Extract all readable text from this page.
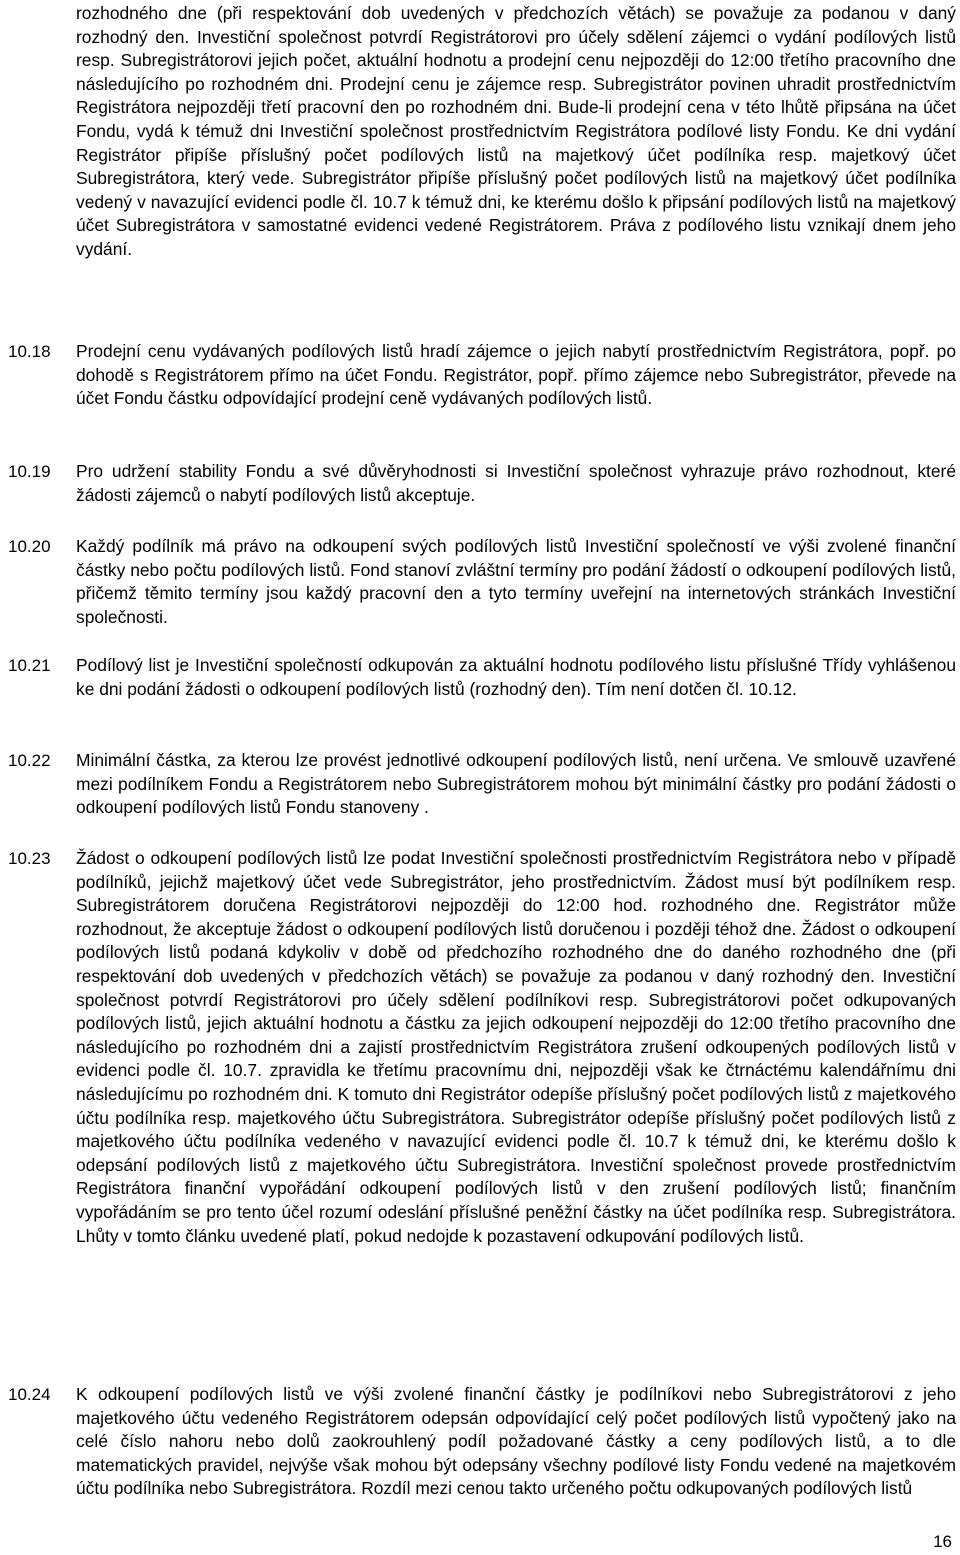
rozhodného dne (při respektování dob uvedených v předchozích větách) se považuje za podanou v daný rozhodný den. Investiční společnost potvrdí Registrátorovi pro účely sdělení zájemci o vydání podílových listů resp. Subregistrátorovi jejich počet, aktuální hodnotu a prodejní cenu nejpozději do 12:00 třetího pracovního dne následujícího po rozhodném dni. Prodejní cenu je zájemce resp. Subregistrátor povinen uhradit prostřednictvím Registrátora nejpozději třetí pracovní den po rozhodném dni. Bude-li prodejní cena v této lhůtě připsána na účet Fondu, vydá k témuž dni Investiční společnost prostřednictvím Registrátora podílové listy Fondu. Ke dni vydání Registrátor připíše příslušný počet podílových listů na majetkový účet podílníka resp. majetkový účet Subregistrátora, který vede. Subregistrátor připíše příslušný počet podílových listů na majetkový účet podílníka vedený v navazující evidenci podle čl. 10.7 k témuž dni, ke kterému došlo k připsání podílových listů na majetkový účet Subregistrátora v samostatné evidenci vedené Registrátorem. Práva z podílového listu vznikají dnem jeho vydání.
10.18 Prodejní cenu vydávaných podílových listů hradí zájemce o jejich nabytí prostřednictvím Registrátora, popř. po dohodě s Registrátorem přímo na účet Fondu. Registrátor, popř. přímo zájemce nebo Subregistrátor, převede na účet Fondu částku odpovídající prodejní ceně vydávaných podílových listů.
10.19 Pro udržení stability Fondu a své důvěryhodnosti si Investiční společnost vyhrazuje právo rozhodnout, které žádosti zájemců o nabytí podílových listů akceptuje.
10.20 Každý podílník má právo na odkoupení svých podílových listů Investiční společností ve výši zvolené finanční částky nebo počtu podílových listů. Fond stanoví zvláštní termíny pro podání žádostí o odkoupení podílových listů, přičemž těmito termíny jsou každý pracovní den a tyto termíny uveřejní na internetových stránkách Investiční společnosti.
10.21 Podílový list je Investiční společností odkupován za aktuální hodnotu podílového listu příslušné Třídy vyhlášenou ke dni podání žádosti o odkoupení podílových listů (rozhodný den). Tím není dotčen čl. 10.12.
10.22 Minimální částka, za kterou lze provést jednotlivé odkoupení podílových listů, není určena. Ve smlouvě uzavřené mezi podílníkem Fondu a Registrátorem nebo Subregistrátorem mohou být minimální částky pro podání žádosti o odkoupení podílových listů Fondu stanoveny .
10.23 Žádost o odkoupení podílových listů lze podat Investiční společnosti prostřednictvím Registrátora nebo v případě podílníků, jejichž majetkový účet vede Subregistrátor, jeho prostřednictvím. Žádost musí být podílníkem resp. Subregistrátorem doručena Registrátorovi nejpozději do 12:00 hod. rozhodného dne. Registrátor může rozhodnout, že akceptuje žádost o odkoupení podílových listů doručenou i později téhož dne. Žádost o odkoupení podílových listů podaná kdykoliv v době od předchozího rozhodného dne do daného rozhodného dne (při respektování dob uvedených v předchozích větách) se považuje za podanou v daný rozhodný den. Investiční společnost potvrdí Registrátorovi pro účely sdělení podílníkovi resp. Subregistrátorovi počet odkupovaných podílových listů, jejich aktuální hodnotu a částku za jejich odkoupení nejpozději do 12:00 třetího pracovního dne následujícího po rozhodném dni a zajistí prostřednictvím Registrátora zrušení odkoupených podílových listů v evidenci podle čl. 10.7. zpravidla ke třetímu pracovnímu dni, nejpozději však ke čtrnáctému kalendářnímu dni následujícímu po rozhodném dni. K tomuto dni Registrátor odepíše příslušný počet podílových listů z majetkového účtu podílníka resp. majetkového účtu Subregistrátora. Subregistrátor odepíše příslušný počet podílových listů z majetkového účtu podílníka vedeného v navazující evidenci podle čl. 10.7 k témuž dni, ke kterému došlo k odepsání podílových listů z majetkového účtu Subregistrátora. Investiční společnost provede prostřednictvím Registrátora finanční vypořádání odkoupení podílových listů v den zrušení podílových listů; finančním vypořádáním se pro tento účel rozumí odeslání příslušné peněžní částky na účet podílníka resp. Subregistrátora. Lhůty v tomto článku uvedené platí, pokud nedojde k pozastavení odkupování podílových listů.
10.24 K odkoupení podílových listů ve výši zvolené finanční částky je podílníkovi nebo Subregistrátorovi z jeho majetkového účtu vedeného Registrátorem odepsán odpovídající celý počet podílových listů vypočtený jako na celé číslo nahoru nebo dolů zaokrouhlený podíl požadované částky a ceny podílových listů, a to dle matematických pravidel, nejvýše však mohou být odepsány všechny podílové listy Fondu vedené na majetkovém účtu podílníka nebo Subregistrátora. Rozdíl mezi cenou takto určeného počtu odkupovaných podílových listů
16
